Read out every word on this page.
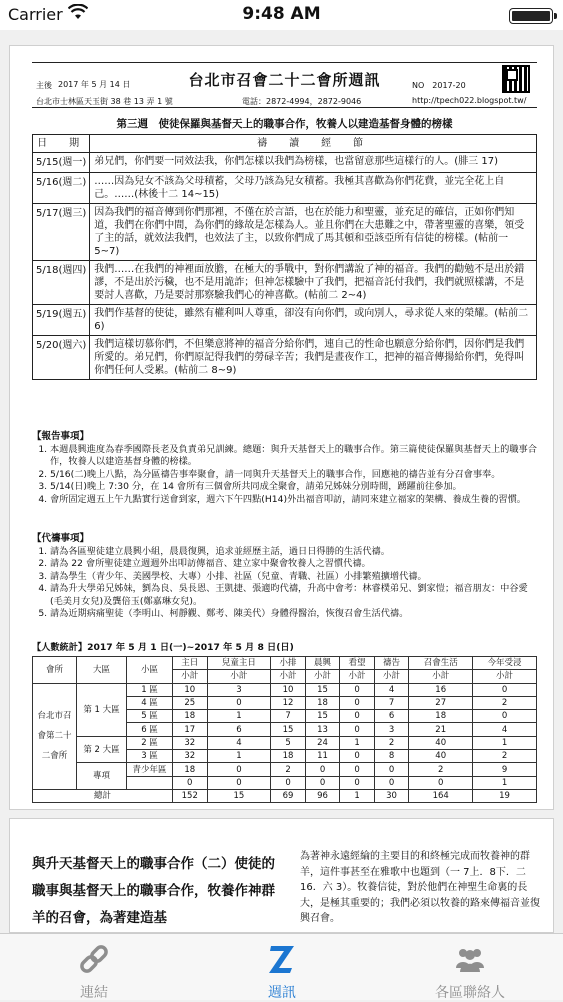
Carrier	9:48 AM
主後 2017 年 5 月 14 日	台北市召會二十二會所週訊	NO　2017-20
台北市士林區天玉街 38 巷 13 弄 1 號	電話：2872-4994，2872-9046	http://tpech022.blogspot.tw/
第三週　使徒保羅與基督天上的職事合作，牧養人以建造基督身體的榜樣
日　期	禱　讀　經　節
5/15(週一)	弟兄們，你們要一同效法我，你們怎樣以我們為榜樣，也當留意那些這樣行的人。(腓三 17)
5/16(週二)	……因為兒女不該為父母積蓄，父母乃該為兒女積蓄。我極其喜歡為你們花費，並完全花上自己。……(林後十二 14~15)
5/17(週三)	因為我們的福音傳到你們那裡，不僅在於言語，也在於能力和聖靈，並充足的確信，正如你們知道，我們在你們中間，為你們的緣故是怎樣為人。並且你們在大患難之中，帶著聖靈的喜樂，領受了主的話，就效法我們，也效法了主，以致你們成了馬其頓和亞該亞所有信徒的榜樣。(帖前一 5~7)
5/18(週四)	我們……在我們的神裡面放膽，在極大的爭戰中，對你們講說了神的福音。我們的勸勉不是出於錯謬，不是出於污穢，也不是用詭詐；但神怎樣驗中了我們，把福音託付我們，我們就照樣講，不是要討人喜歡，乃是要討那察驗我們心的神喜歡。(帖前二 2~4)
5/19(週五)	我們作基督的使徒，雖然有權利叫人尊重，卻沒有向你們，或向別人，尋求從人來的榮耀。(帖前二 6)
5/20(週六)	我們這樣切慕你們，不但樂意將神的福音分給你們，連自己的性命也願意分給你們，因你們是我們所愛的。弟兄們，你們原記得我們的勞碌辛苦；我們是晝夜作工，把神的福音傳揚給你們，免得叫你們任何人受累。(帖前二 8~9)
【報告事項】
1. 本週晨興進度為春季國際長老及負責弟兄訓練。總題：與升天基督天上的職事合作。第三篇使徒保羅與基督天上的職事合作，牧養人以建造基督身體的榜樣。
2. 5/16(二)晚上八點，為分區禱告事奉聚會，請一同與升天基督天上的職事合作，回應祂的禱告並有分召會事奉。
3. 5/14(日)晚上 7:30 分，在 14 會所有三個會所共同成全聚會，請弟兄姊妹分別時間，踴躍前往參加。
4. 會所固定週五上午九點實行送會到家，週六下午四點(H14)外出福音叩訪，請同來建立福家的架構、養成生養的習慣。
【代禱事項】
1. 請為各區聖徒建立晨興小組，晨晨復興，追求並經歷主話，過日日得勝的生活代禱。
2. 請為 22 會所聖徒建立週週外出叩訪傳福音、建立家中聚會牧養人之習慣代禱。
3. 請為學生（青少年、美國學校、大專）小排、社區（兒童、青職、社區）小排繁殖擴增代禱。
4. 請為升大學弟兄姊妹，劉為良、吳長恩、王凱捷、張適昀代禱，升高中會考：林睿樸弟兄、劉家愷；福音朋友：中谷愛(毛美月女兒)及龔倍玉(鄭嘉琳女兒)。
5. 請為近期病痛聖徒（李明山、柯靜觀、鄭考、陳美代）身體得醫治，恢復召會生活代禱。
【人數統計】2017 年 5 月 1 日(一)~2017 年 5 月 8 日(日)
會所	大區	小區	主日	兒童主日	小排	晨興	看望	禱告	召會生活	今年受浸
			小計	小計	小計	小計	小計	小計	小計	小計
台北市召會第二十二會所	第 1 大區	1 區	10	3	10	15	0	4	16	0
		4 區	25	0	12	18	0	7	27	2
		5 區	18	1	7	15	0	6	18	0
		6 區	17	6	15	13	0	3	21	4
	第 2 大區	2 區	32	4	5	24	1	2	40	1
		3 區	32	1	18	11	0	8	40	2
	專項	青少年區	18	0	2	0	0	0	2	9
			0	0	0	0	0	0	0	1
總計			152	15	69	96	1	30	164	19
與升天基督天上的職事合作（二）使徒的職事與基督天上的職事合作，牧養作神群羊的召會，為著建造基
為著神永遠經綸的主要目的和終極完成而牧養神的群羊，這件事甚至在雅歌中也題到（一 7上．8下．二 16．六 3）。牧養信徒，對於他們在神聖生命裏的長大，是極其重要的；我們必須以牧養的路來傳福音並復興召會。
連結	週訊	各區聯絡人
